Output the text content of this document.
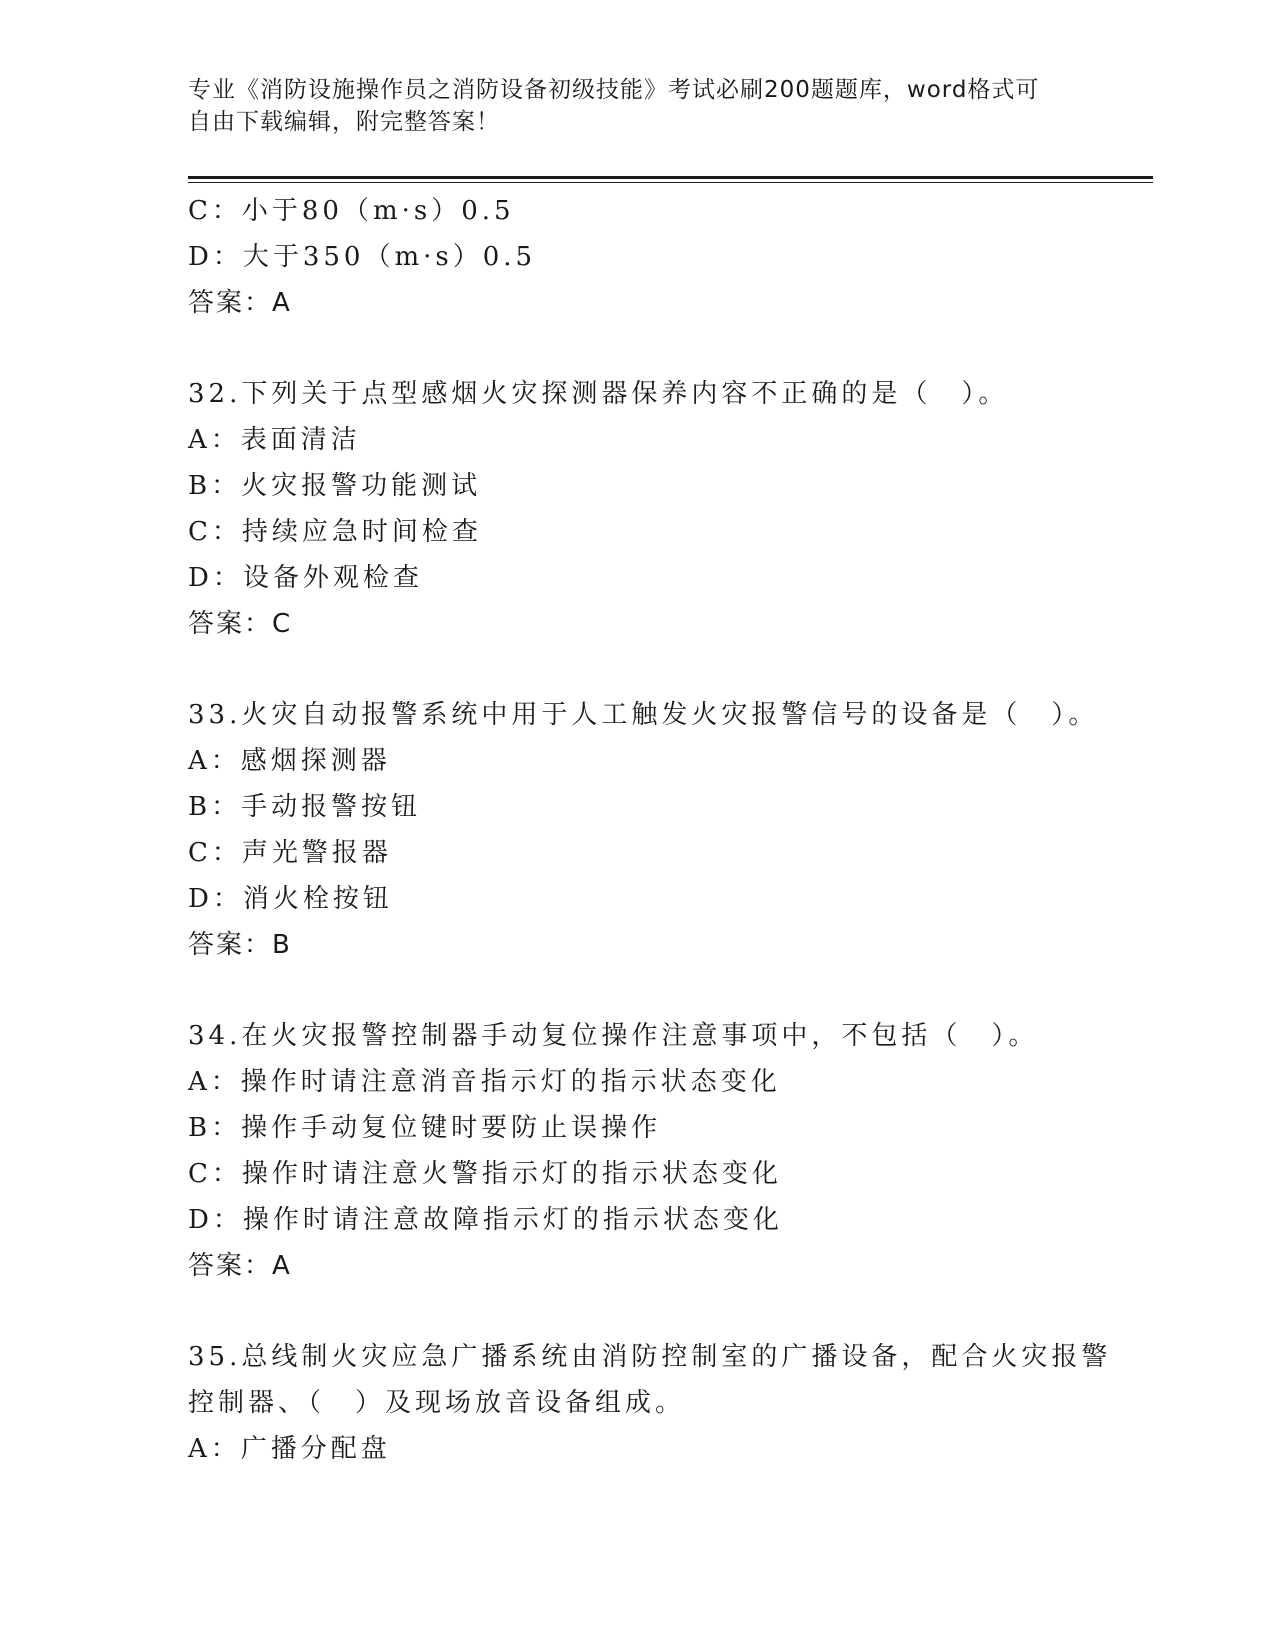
专业《消防设施操作员之消防设备初级技能》考试必刷200题题库，word格式可
自由下载编辑，附完整答案！
C：小于80（m·s）0.5
D：大于350（m·s）0.5
答案：A
32.下列关于点型感烟火灾探测器保养内容不正确的是（　）。
A：表面清洁
B：火灾报警功能测试
C：持续应急时间检查
D：设备外观检查
答案：C
33.火灾自动报警系统中用于人工触发火灾报警信号的设备是（　）。
A：感烟探测器
B：手动报警按钮
C：声光警报器
D：消火栓按钮
答案：B
34.在火灾报警控制器手动复位操作注意事项中，不包括（　）。
A：操作时请注意消音指示灯的指示状态变化
B：操作手动复位键时要防止误操作
C：操作时请注意火警指示灯的指示状态变化
D：操作时请注意故障指示灯的指示状态变化
答案：A
35.总线制火灾应急广播系统由消防控制室的广播设备，配合火灾报警
控制器、（　）及现场放音设备组成。
A：广播分配盘
